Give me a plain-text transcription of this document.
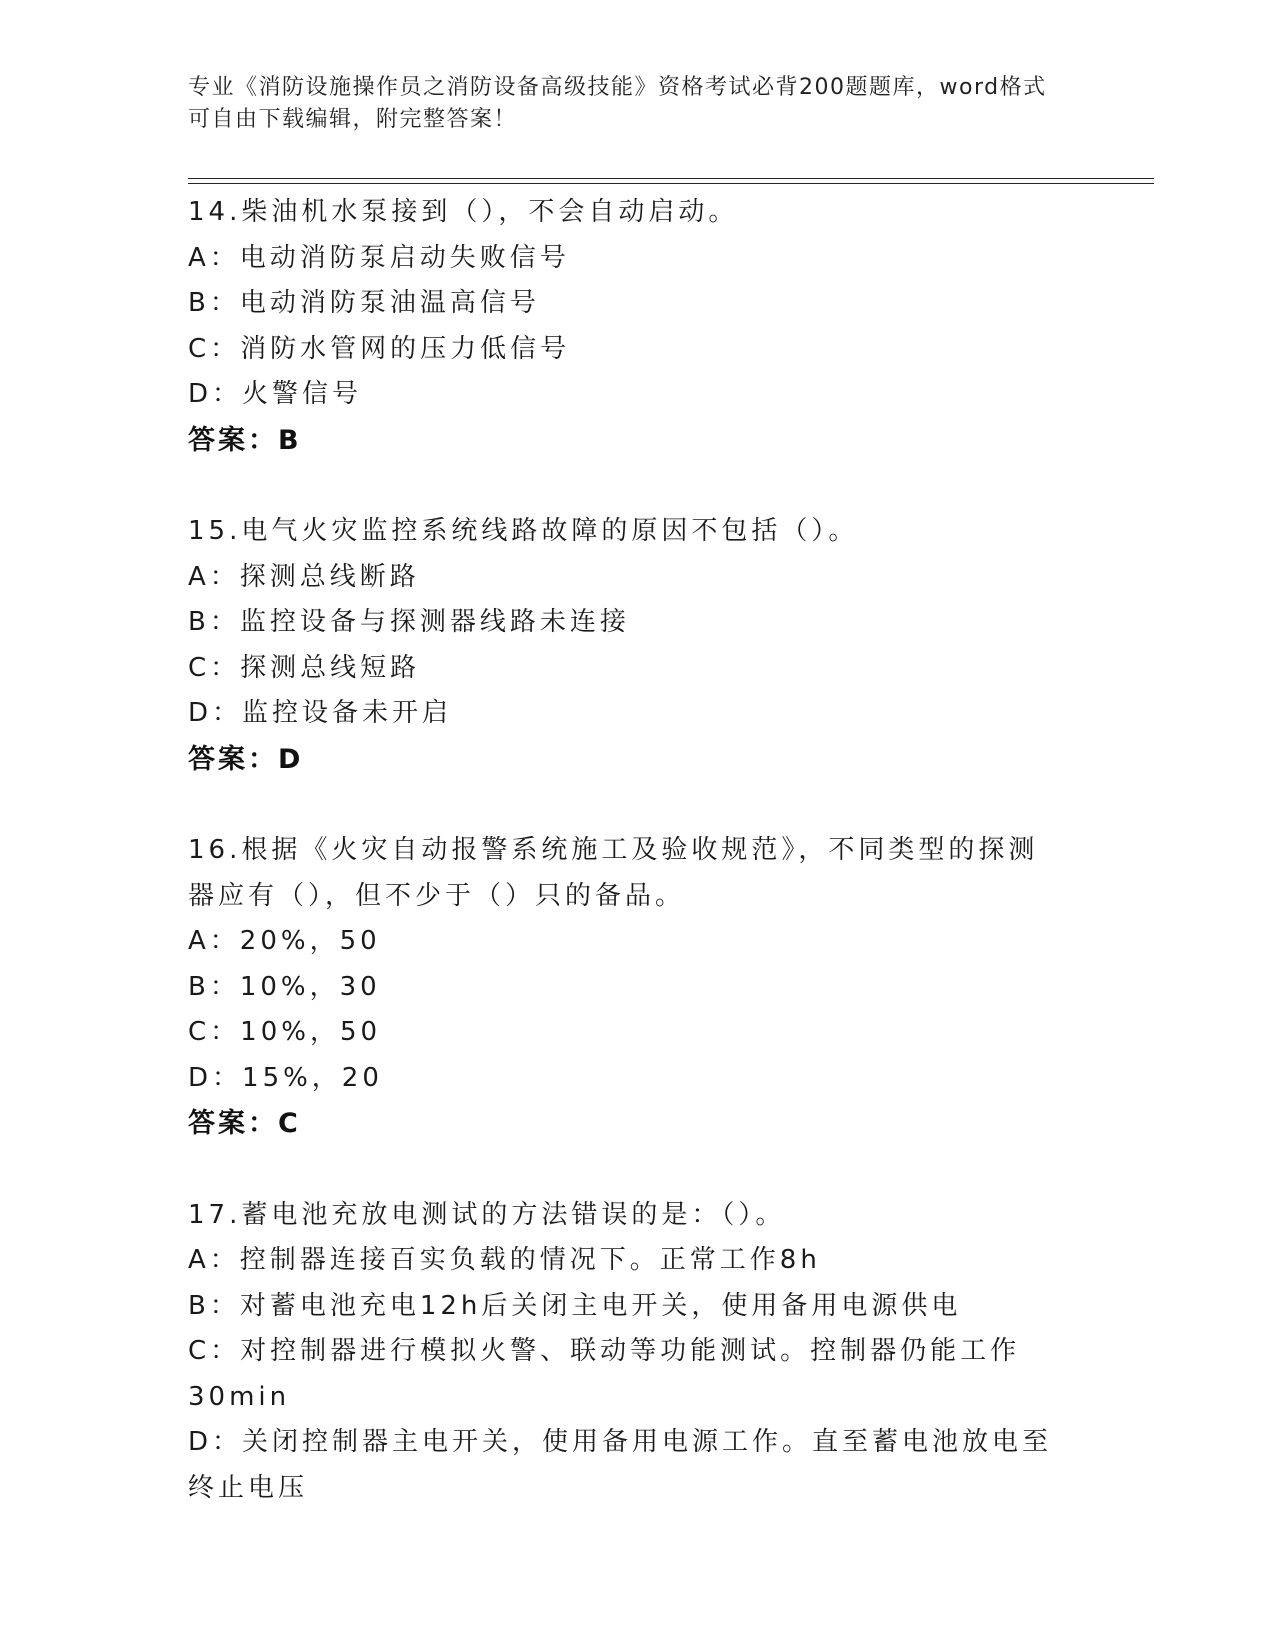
专业《消防设施操作员之消防设备高级技能》资格考试必背200题题库，word格式可自由下载编辑，附完整答案！
14.柴油机水泵接到（），不会自动启动。
A：电动消防泵启动失败信号
B：电动消防泵油温高信号
C：消防水管网的压力低信号
D：火警信号
答案：B
15.电气火灾监控系统线路故障的原因不包括（）。
A：探测总线断路
B：监控设备与探测器线路未连接
C：探测总线短路
D：监控设备未开启
答案：D
16.根据《火灾自动报警系统施工及验收规范》，不同类型的探测器应有（），但不少于（）只的备品。
A：20%，50
B：10%，30
C：10%，50
D：15%，20
答案：C
17.蓄电池充放电测试的方法错误的是：（）。
A：控制器连接百实负载的情况下。正常工作8h
B：对蓄电池充电12h后关闭主电开关，使用备用电源供电
C：对控制器进行模拟火警、联动等功能测试。控制器仍能工作30min
D：关闭控制器主电开关，使用备用电源工作。直至蓄电池放电至终止电压
